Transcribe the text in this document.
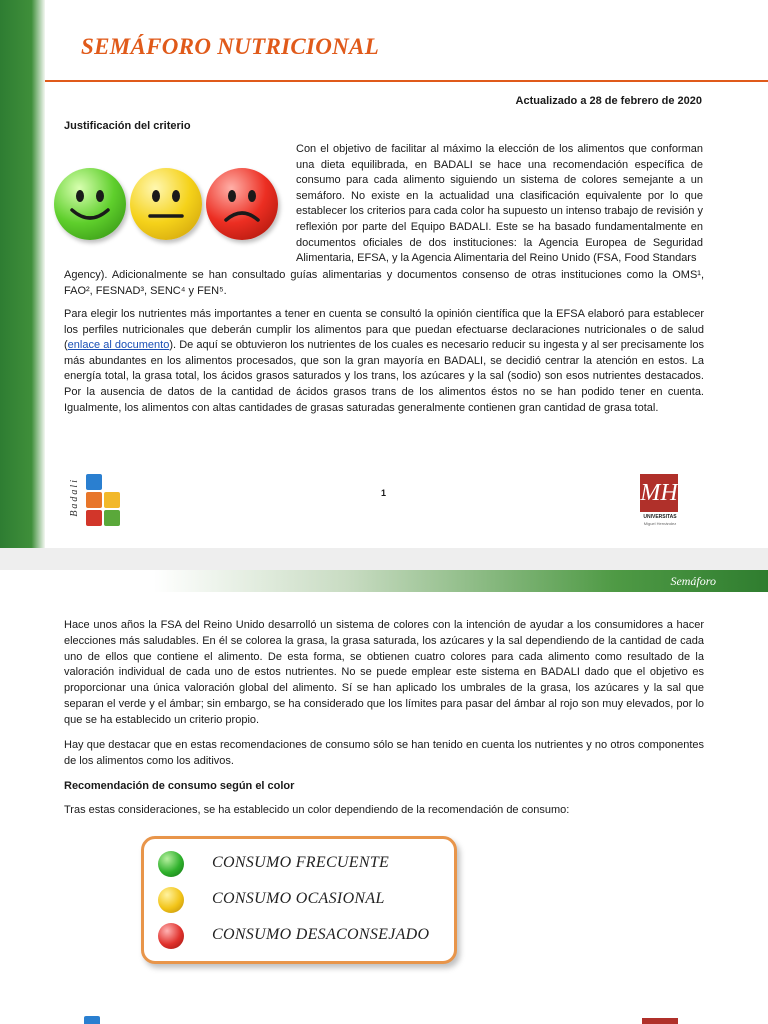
SEMÁFORO NUTRICIONAL
Actualizado a 28 de febrero de 2020
Justificación del criterio
Con el objetivo de facilitar al máximo la elección de los alimentos que conforman una dieta equilibrada, en BADALI se hace una recomendación específica de consumo para cada alimento siguiendo un sistema de colores semejante a un semáforo. No existe en la actualidad una clasificación equivalente por lo que establecer los criterios para cada color ha supuesto un intenso trabajo de revisión y reflexión por parte del Equipo BADALI. Este se ha basado fundamentalmente en documentos oficiales de dos instituciones: la Agencia Europea de Seguridad Alimentaria, EFSA, y la Agencia Alimentaria del Reino Unido (FSA, Food Standars
Agency). Adicionalmente se han consultado guías alimentarias y documentos consenso de otras instituciones como la OMS¹, FAO², FESNAD³, SENC⁴ y FEN⁵.
Para elegir los nutrientes más importantes a tener en cuenta se consultó la opinión científica que la EFSA elaboró para establecer los perfiles nutricionales que deberán cumplir los alimentos para que puedan efectuarse declaraciones nutricionales o de salud (enlace al documento). De aquí se obtuvieron los nutrientes de los cuales es necesario reducir su ingesta y al ser precisamente los más abundantes en los alimentos procesados, que son la gran mayoría en BADALI, se decidió centrar la atención en estos. La energía total, la grasa total, los ácidos grasos saturados y los trans, los azúcares y la sal (sodio) son esos nutrientes destacados. Por la ausencia de datos de la cantidad de ácidos grasos trans de los alimentos éstos no se han podido tener en cuenta. Igualmente, los alimentos con altas cantidades de grasas saturadas generalmente contienen gran cantidad de grasa total.
Badali	1	MH
UNIVERSITAS
Miguel Hernández
Semáforo
Hace unos años la FSA del Reino Unido desarrolló un sistema de colores con la intención de ayudar a los consumidores a hacer elecciones más saludables. En él se colorea la grasa, la grasa saturada, los azúcares y la sal dependiendo de la cantidad de cada uno de ellos que contiene el alimento. De esta forma, se obtienen cuatro colores para cada alimento como resultado de la valoración individual de cada uno de estos nutrientes. No se puede emplear este sistema en BADALI dado que el objetivo es proporcionar una única valoración global del alimento. Sí se han aplicado los umbrales de la grasa, los azúcares y la sal que separan el verde y el ámbar; sin embargo, se ha considerado que los límites para pasar del ámbar al rojo son muy elevados, por lo que se ha establecido un criterio propio.
Hay que destacar que en estas recomendaciones de consumo sólo se han tenido en cuenta los nutrientes y no otros componentes de los alimentos como los aditivos.
Recomendación de consumo según el color
Tras estas consideraciones, se ha establecido un color dependiendo de la recomendación de consumo:
CONSUMO FRECUENTE
CONSUMO OCASIONAL
CONSUMO DESACONSEJADO
